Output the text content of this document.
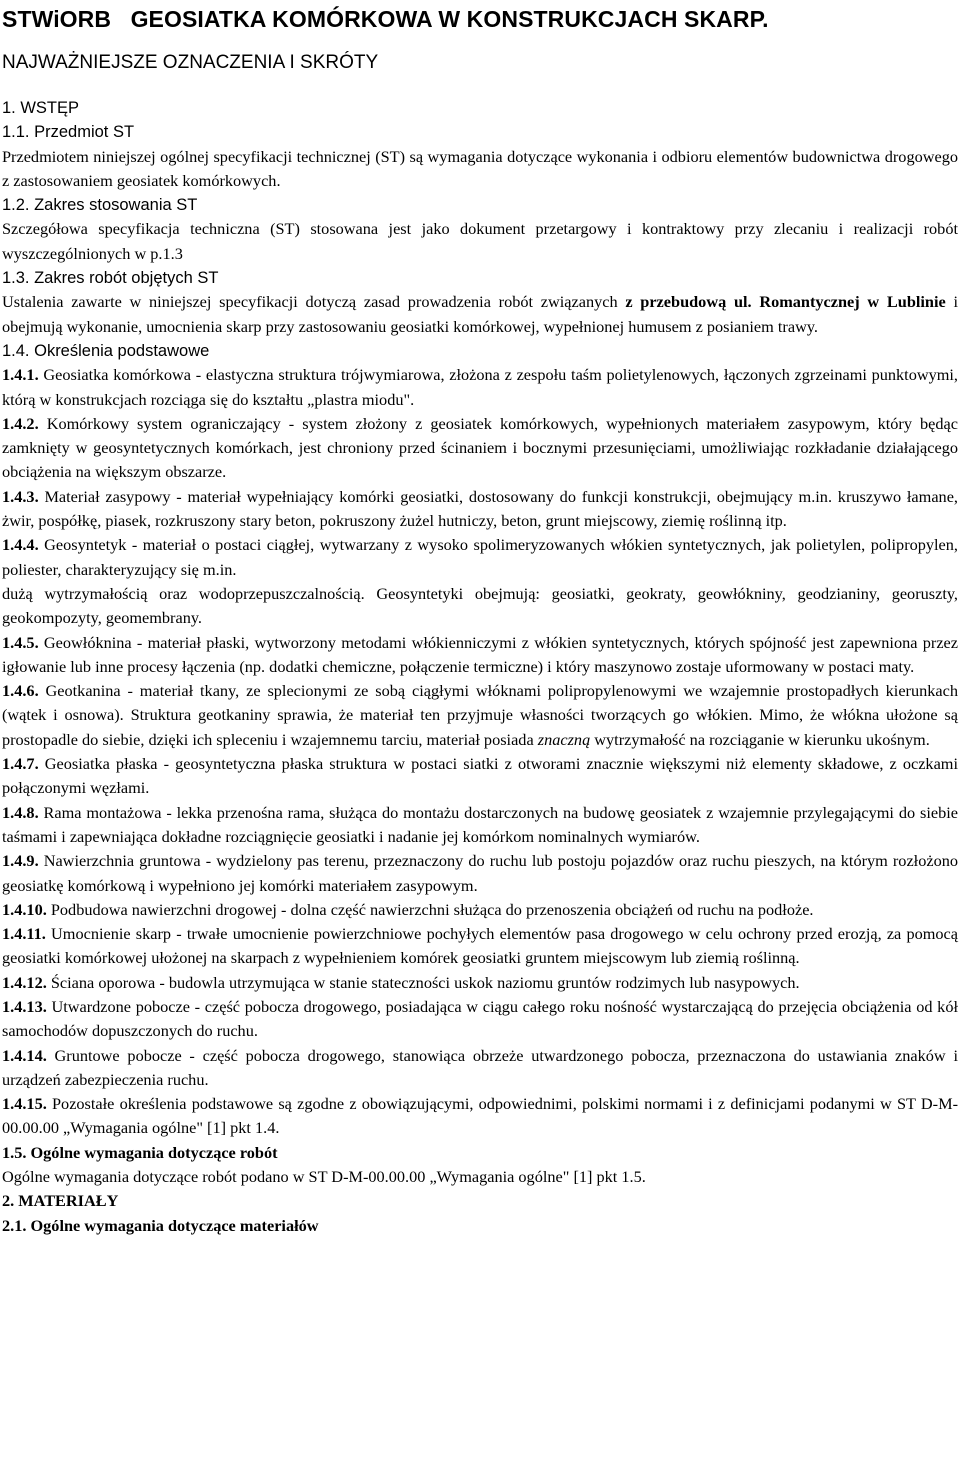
STWiORB   GEOSIATKA KOMÓRKOWA W KONSTRUKCJACH SKARP.
NAJWAŻNIEJSZE OZNACZENIA I SKRÓTY
1. WSTĘP
1.1. Przedmiot ST

Przedmiotem niniejszej ogólnej specyfikacji technicznej (ST) są wymagania dotyczące wykonania i odbioru elementów budownictwa drogowego z zastosowaniem geosiatek komórkowych.

1.2. Zakres stosowania ST

Szczegółowa specyfikacja techniczna (ST) stosowana jest jako dokument przetargowy i kontraktowy przy zlecaniu i realizacji robót wyszczególnionych w p.1.3

1.3. Zakres robót objętych ST

Ustalenia zawarte w niniejszej specyfikacji dotyczą zasad prowadzenia robót związanych z przebudową ul. Romantycznej w Lublinie i obejmują wykonanie, umocnienia skarp przy zastosowaniu geosiatki komórkowej, wypełnionej humusem z posianiem trawy.

1.4. Określenia podstawowe

1.4.1. Geosiatka komórkowa - elastyczna struktura trójwymiarowa, złożona z zespołu taśm polietylenowych, łączonych zgrzeinami punktowymi, którą w konstrukcjach rozciąga się do kształtu „plastra miodu".

1.4.2. Komórkowy system ograniczający - system złożony z geosiatek komórkowych, wypełnionych materiałem zasypowym, który będąc zamknięty w geosyntetycznych komórkach, jest chroniony przed ścinaniem i bocznymi przesunięciami, umożliwiając rozkładanie działającego obciążenia na większym obszarze.

1.4.3. Materiał zasypowy - materiał wypełniający komórki geosiatki, dostosowany do funkcji konstrukcji, obejmujący m.in. kruszywo łamane, żwir, pospółkę, piasek, rozkruszony stary beton, pokruszony żużel hutniczy, beton, grunt miejscowy, ziemię roślinną itp.

1.4.4. Geosyntetyk - materiał o postaci ciągłej, wytwarzany z wysoko spolimeryzowanych włókien syntetycznych, jak polietylen, polipropylen, poliester, charakteryzujący się m.in.

dużą wytrzymałością oraz wodoprzepuszczalnością. Geosyntetyki obejmują: geosiatki, geokraty, geowłókniny, geodzianiny, georuszty, geokompozyty, geomembrany.

1.4.5. Geowłóknina - materiał płaski, wytworzony metodami włókienniczymi z włókien syntetycznych, których spójność jest zapewniona przez igłowanie lub inne procesy łączenia (np. dodatki chemiczne, połączenie termiczne) i który maszynowo zostaje uformowany w postaci maty.

1.4.6. Geotkanina - materiał tkany, ze splecionymi ze sobą ciągłymi włóknami polipropylenowymi we wzajemnie prostopadłych kierunkach (wątek i osnowa). Struktura geotkaniny sprawia, że materiał ten przyjmuje własności tworzących go włókien. Mimo, że włókna ułożone są prostopadle do siebie, dzięki ich spleceniu i wzajemnemu tarciu, materiał posiada znaczną wytrzymałość na rozciąganie w kierunku ukośnym.

1.4.7. Geosiatka płaska - geosyntetyczna płaska struktura w postaci siatki z otworami znacznie większymi niż elementy składowe, z oczkami połączonymi węzłami.

1.4.8. Rama montażowa - lekka przenośna rama, służąca do montażu dostarczonych na budowę geosiatek z wzajemnie przylegającymi do siebie taśmami i zapewniająca dokładne rozciągnięcie geosiatki i nadanie jej komórkom nominalnych wymiarów.

1.4.9. Nawierzchnia gruntowa - wydzielony pas terenu, przeznaczony do ruchu lub postoju pojazdów oraz ruchu pieszych, na którym rozłożono geosiatkę komórkową i wypełniono jej komórki materiałem zasypowym.

1.4.10. Podbudowa nawierzchni drogowej - dolna część nawierzchni służąca do przenoszenia obciążeń od ruchu na podłoże.

1.4.11. Umocnienie skarp - trwałe umocnienie powierzchniowe pochyłych elementów pasa drogowego w celu ochrony przed erozją, za pomocą geosiatki komórkowej ułożonej na skarpach z wypełnieniem komórek geosiatki gruntem miejscowym lub ziemią roślinną.

1.4.12. Ściana oporowa - budowla utrzymująca w stanie stateczności uskok naziomu gruntów rodzimych lub nasypowych.

1.4.13. Utwardzone pobocze - część pobocza drogowego, posiadająca w ciągu całego roku nośność wystarczającą do przejęcia obciążenia od kół samochodów dopuszczonych do ruchu.

1.4.14. Gruntowe pobocze - część pobocza drogowego, stanowiąca obrzeże utwardzonego pobocza, przeznaczona do ustawiania znaków i urządzeń zabezpieczenia ruchu.

1.4.15. Pozostałe określenia podstawowe są zgodne z obowiązującymi, odpowiednimi, polskimi normami i z definicjami podanymi w ST D-M-00.00.00 „Wymagania ogólne" [1] pkt 1.4.

1.5. Ogólne wymagania dotyczące robót

Ogólne wymagania dotyczące robót podano w ST D-M-00.00.00 „Wymagania ogólne" [1] pkt 1.5.

2. MATERIAŁY
2.1. Ogólne wymagania dotyczące materiałów
